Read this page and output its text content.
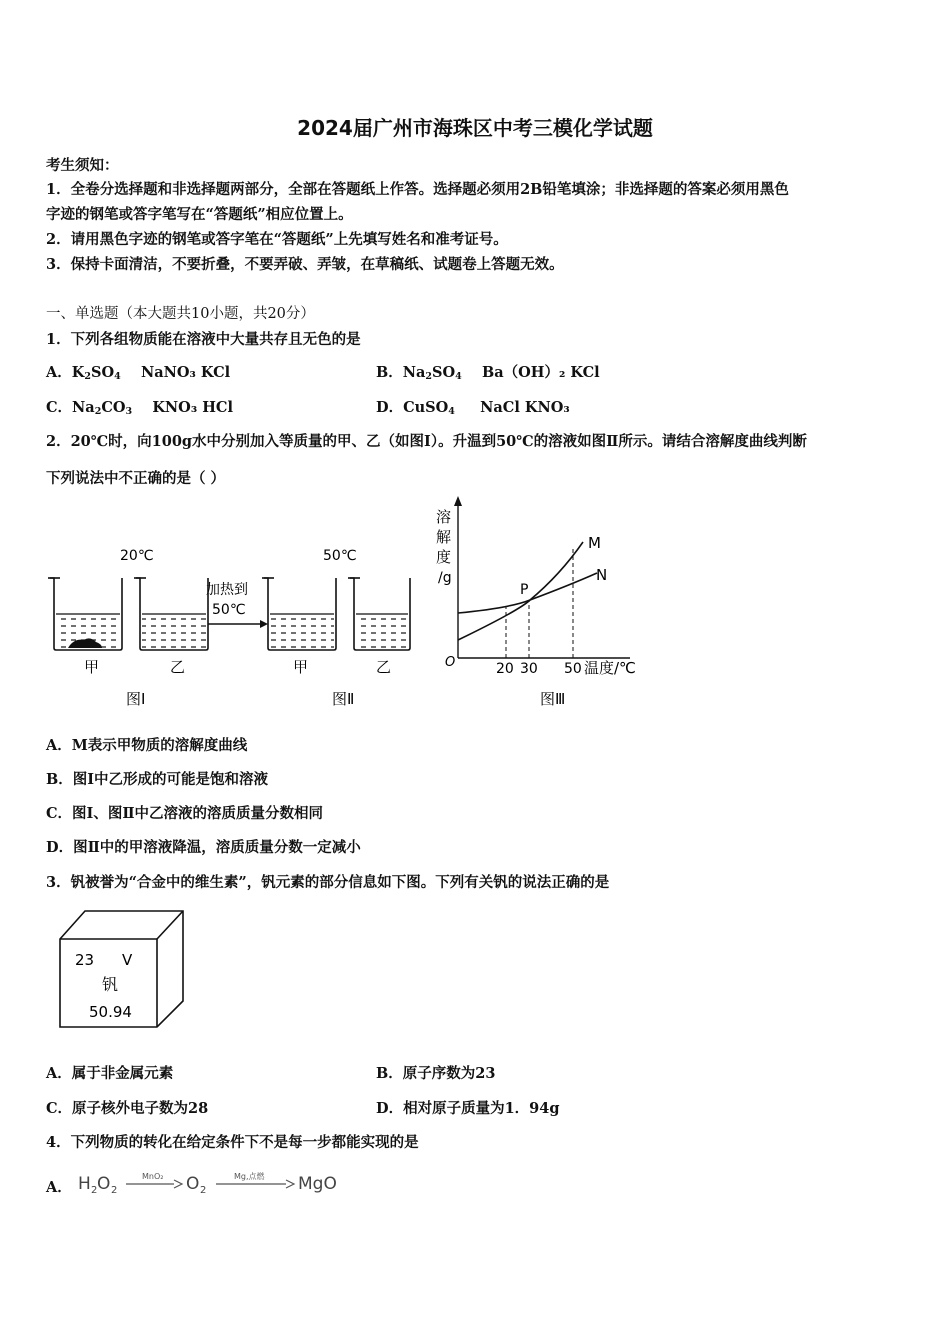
2024届广州市海珠区中考三模化学试题
考生须知：
1．全卷分选择题和非选择题两部分，全部在答题纸上作答。选择题必须用2B铅笔填涂；非选择题的答案必须用黑色
字迹的钢笔或答字笔写在“答题纸”相应位置上。
2．请用黑色字迹的钢笔或答字笔在“答题纸”上先填写姓名和准考证号。
3．保持卡面清洁，不要折叠，不要弄破、弄皱，在草稿纸、试题卷上答题无效。
一、单选题（本大题共10小题，共20分）
1．下列各组物质能在溶液中大量共存且无色的是
A．$K_2SO_4$ NaNO₃ KCl	B．$Na_2SO_4$ Ba（OH）₂ KCl
C．$Na_2CO_3$ KNO₃ HCl	D．CuSO$_4$ NaCl KNO₃
2．20℃时，向100g水中分别加入等质量的甲、乙（如图Ⅰ）。升温到50℃的溶液如图Ⅱ所示。请结合溶解度曲线判断
下列说法中不正确的是（ ）
20℃	50℃
加热到
50℃
甲	乙	甲	乙
图Ⅰ	图Ⅱ
溶
解
度
/g
O
M
N
P
20 30 50 温度/℃
图Ⅲ
A．M表示甲物质的溶解度曲线
B．图Ⅰ中乙形成的可能是饱和溶液
C．图Ⅰ、图Ⅱ中乙溶液的溶质质量分数相同
D．图Ⅱ中的甲溶液降温，溶质质量分数一定减小
3．钒被誉为“合金中的维生素”，钒元素的部分信息如下图。下列有关钒的说法正确的是
23 V
钒
50.94
A．属于非金属元素	B．原子序数为23
C．原子核外电子数为28	D．相对原子质量为1．94g
4．下列物质的转化在给定条件下不是每一步都能实现的是
A． H 2 O 2
MnO₂ O 2
Mg,点燃 MgO
